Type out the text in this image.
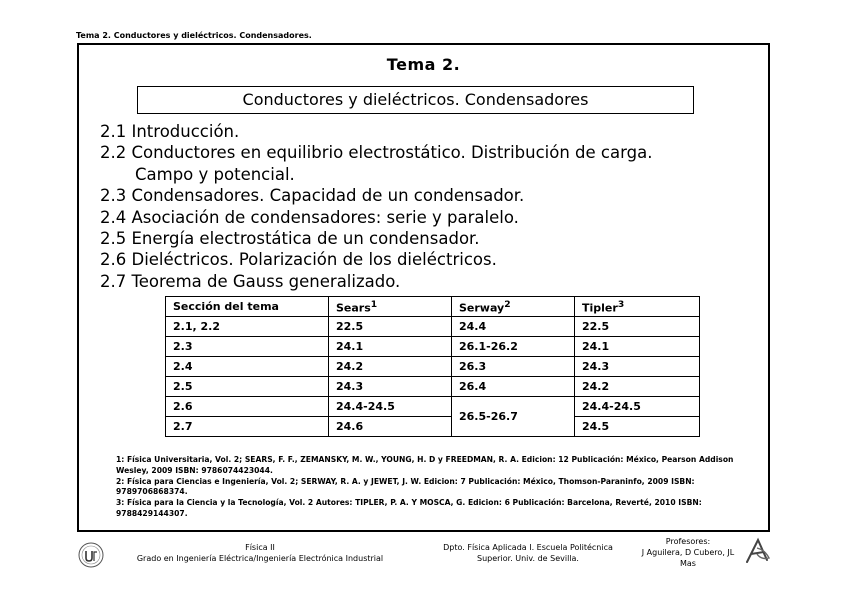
Tema 2. Conductores y dieléctricos. Condensadores.
Tema 2.
Conductores y dieléctricos. Condensadores
2.1 Introducción.
2.2 Conductores en equilibrio electrostático. Distribución de carga.
Campo y potencial.
2.3 Condensadores. Capacidad de un condensador.
2.4 Asociación de condensadores: serie y paralelo.
2.5 Energía electrostática de un condensador.
2.6 Dieléctricos. Polarización de los dieléctricos.
2.7 Teorema de Gauss generalizado.
Sección del tema	Sears$^1$	Serway$^2$	Tipler$^3$
2.1, 2.2	22.5	24.4	22.5
2.3	24.1	26.1-26.2	24.1
2.4	24.2	26.3	24.3
2.5	24.3	26.4	24.2
2.6	24.4-24.5	26.5-26.7	24.4-24.5
2.7	24.6		24.5

1: Física Universitaria, Vol. 2; SEARS, F. F., ZEMANSKY, M. W., YOUNG, H. D y FREEDMAN, R. A. Edicion: 12 Publicación: México, Pearson Addison Wesley, 2009 ISBN: 9786074423044.

2: Física para Ciencias e Ingeniería, Vol. 2; SERWAY, R. A. y JEWET, J. W. Edicion: 7 Publicación: México, Thomson-Paraninfo, 2009 ISBN: 9789706868374.

3: Física para la Ciencia y la Tecnología, Vol. 2 Autores: TIPLER, P. A. Y MOSCA, G. Edicion: 6 Publicación: Barcelona, Reverté, 2010 ISBN: 9788429144307.

Física II
Grado en Ingeniería Eléctrica/Ingeniería Electrónica Industrial
Dpto. Física Aplicada I. Escuela Politécnica
Superior. Univ. de Sevilla.
Profesores:
J Aguilera, D Cubero, JL
Mas
